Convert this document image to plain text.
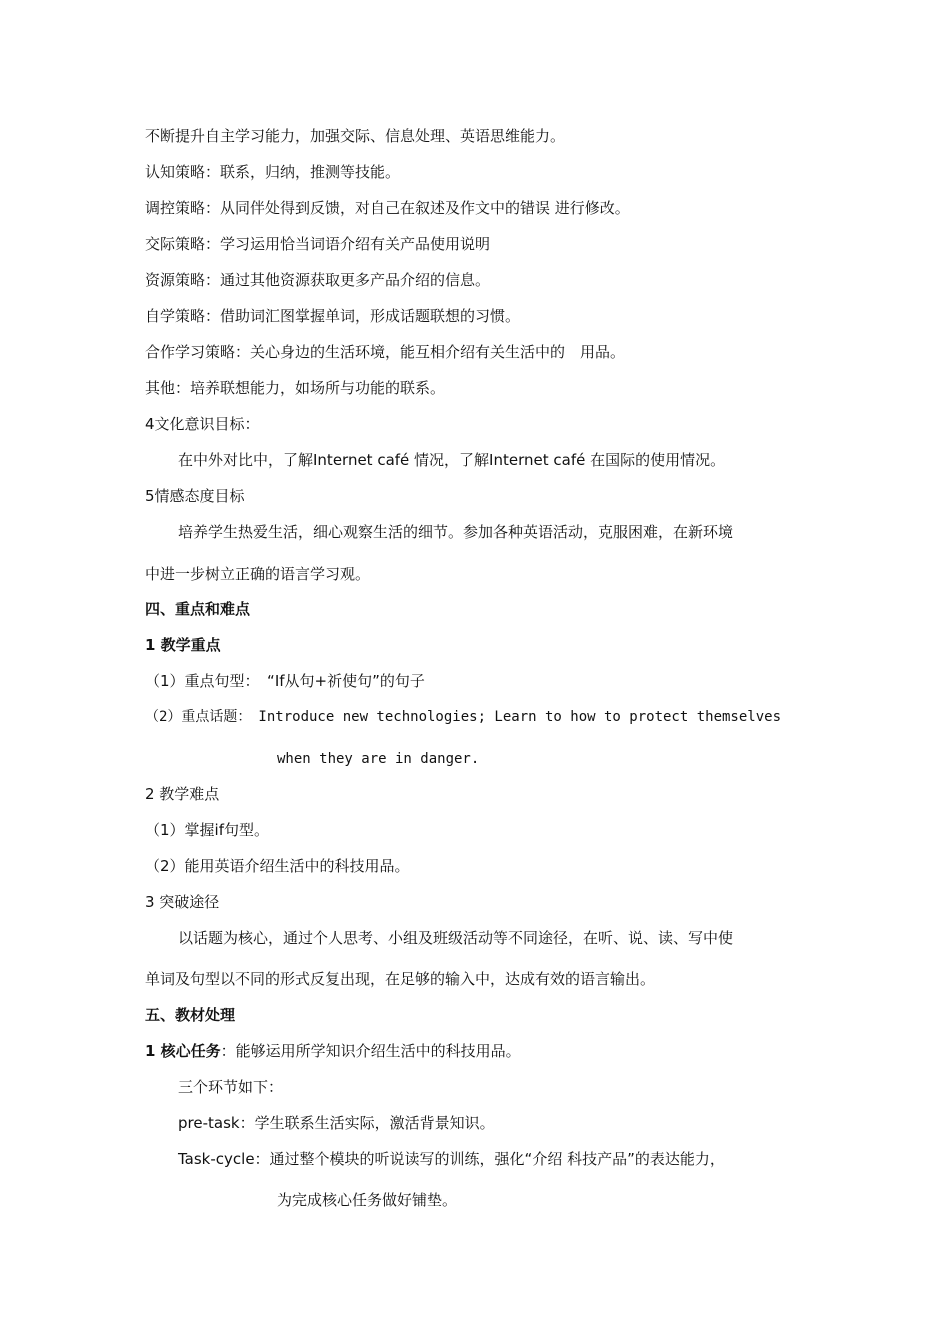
不断提升自主学习能力，加强交际、信息处理、英语思维能力。
认知策略：联系，归纳，推测等技能。
调控策略：从同伴处得到反馈，对自己在叙述及作文中的错误 进行修改。
交际策略：学习运用恰当词语介绍有关产品使用说明
资源策略：通过其他资源获取更多产品介绍的信息。
自学策略：借助词汇图掌握单词，形成话题联想的习惯。
合作学习策略：关心身边的生活环境，能互相介绍有关生活中的　用品。
其他：培养联想能力，如场所与功能的联系。
4文化意识目标：
在中外对比中，了解Internet café 情况，了解Internet café 在国际的使用情况。
5情感态度目标
培养学生热爱生活，细心观察生活的细节。参加各种英语活动，克服困难，在新环境
中进一步树立正确的语言学习观。
四、重点和难点
1 教学重点
（1）重点句型：　“If从句+祈使句”的句子
（2）重点话题：　Introduce new technologies; Learn to how to protect themselves
when they are in danger.
2 教学难点
（1）掌握if句型。
（2）能用英语介绍生活中的科技用品。
3 突破途径
以话题为核心，通过个人思考、小组及班级活动等不同途径，在听、说、读、写中使
单词及句型以不同的形式反复出现，在足够的输入中，达成有效的语言输出。
五、教材处理
1 核心任务：能够运用所学知识介绍生活中的科技用品。
三个环节如下：
pre-task：学生联系生活实际，激活背景知识。
Task-cycle：通过整个模块的听说读写的训练，强化“介绍 科技产品”的表达能力，
为完成核心任务做好铺垫。
